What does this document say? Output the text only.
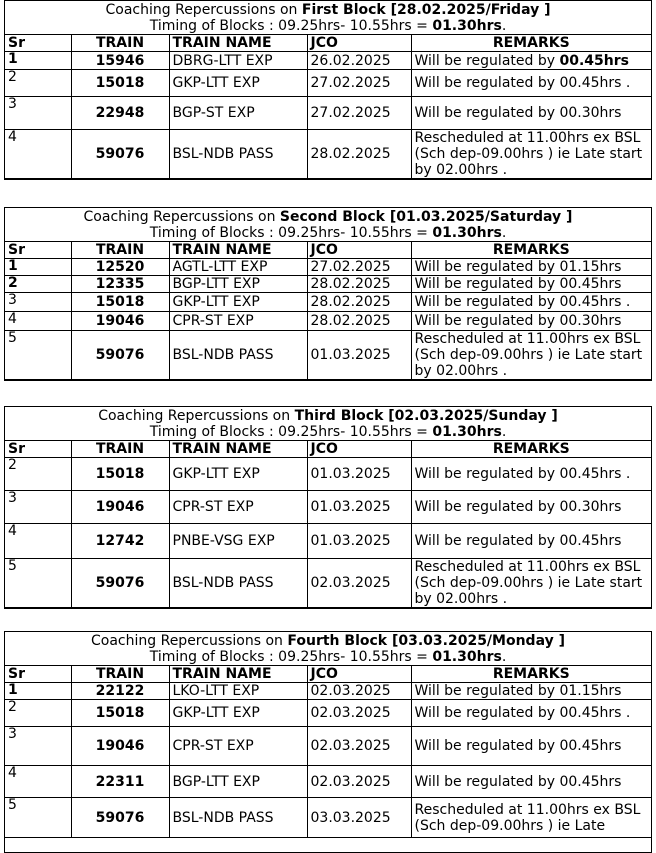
Coaching Repercussions on First Block [28.02.2025/Friday ]
Timing of Blocks : 09.25hrs- 10.55hrs = 01.30hrs.
Sr	TRAIN	TRAIN NAME	JCO	REMARKS
1	15946	DBRG-LTT EXP	26.02.2025	Will be regulated by 00.45hrs
2	15018	GKP-LTT EXP	27.02.2025	Will be regulated by 00.45hrs .
3	22948	BGP-ST EXP	27.02.2025	Will be regulated by 00.30hrs
4	59076	BSL-NDB PASS	28.02.2025	Rescheduled at 11.00hrs ex BSL (Sch dep-09.00hrs ) ie Late start by 02.00hrs .
Coaching Repercussions on Second Block [01.03.2025/Saturday ]
Timing of Blocks : 09.25hrs- 10.55hrs = 01.30hrs.
Sr	TRAIN	TRAIN NAME	JCO	REMARKS
1	12520	AGTL-LTT EXP	27.02.2025	Will be regulated by 01.15hrs
2	12335	BGP-LTT EXP	28.02.2025	Will be regulated by 00.45hrs
3	15018	GKP-LTT EXP	28.02.2025	Will be regulated by 00.45hrs .
4	19046	CPR-ST EXP	28.02.2025	Will be regulated by 00.30hrs
5	59076	BSL-NDB PASS	01.03.2025	Rescheduled at 11.00hrs ex BSL (Sch dep-09.00hrs ) ie Late start by 02.00hrs .
Coaching Repercussions on Third Block [02.03.2025/Sunday ]
Timing of Blocks : 09.25hrs- 10.55hrs = 01.30hrs.
Sr	TRAIN	TRAIN NAME	JCO	REMARKS
2	15018	GKP-LTT EXP	01.03.2025	Will be regulated by 00.45hrs .
3	19046	CPR-ST EXP	01.03.2025	Will be regulated by 00.30hrs
4	12742	PNBE-VSG EXP	01.03.2025	Will be regulated by 00.45hrs
5	59076	BSL-NDB PASS	02.03.2025	Rescheduled at 11.00hrs ex BSL (Sch dep-09.00hrs ) ie Late start by 02.00hrs .
Coaching Repercussions on Fourth Block [03.03.2025/Monday ]
Timing of Blocks : 09.25hrs- 10.55hrs = 01.30hrs.
Sr	TRAIN	TRAIN NAME	JCO	REMARKS
1	22122	LKO-LTT EXP	02.03.2025	Will be regulated by 01.15hrs
2	15018	GKP-LTT EXP	02.03.2025	Will be regulated by 00.45hrs .
3	19046	CPR-ST EXP	02.03.2025	Will be regulated by 00.45hrs
4	22311	BGP-LTT EXP	02.03.2025	Will be regulated by 00.45hrs
5	59076	BSL-NDB PASS	03.03.2025	Rescheduled at 11.00hrs ex BSL (Sch dep-09.00hrs ) ie Late
